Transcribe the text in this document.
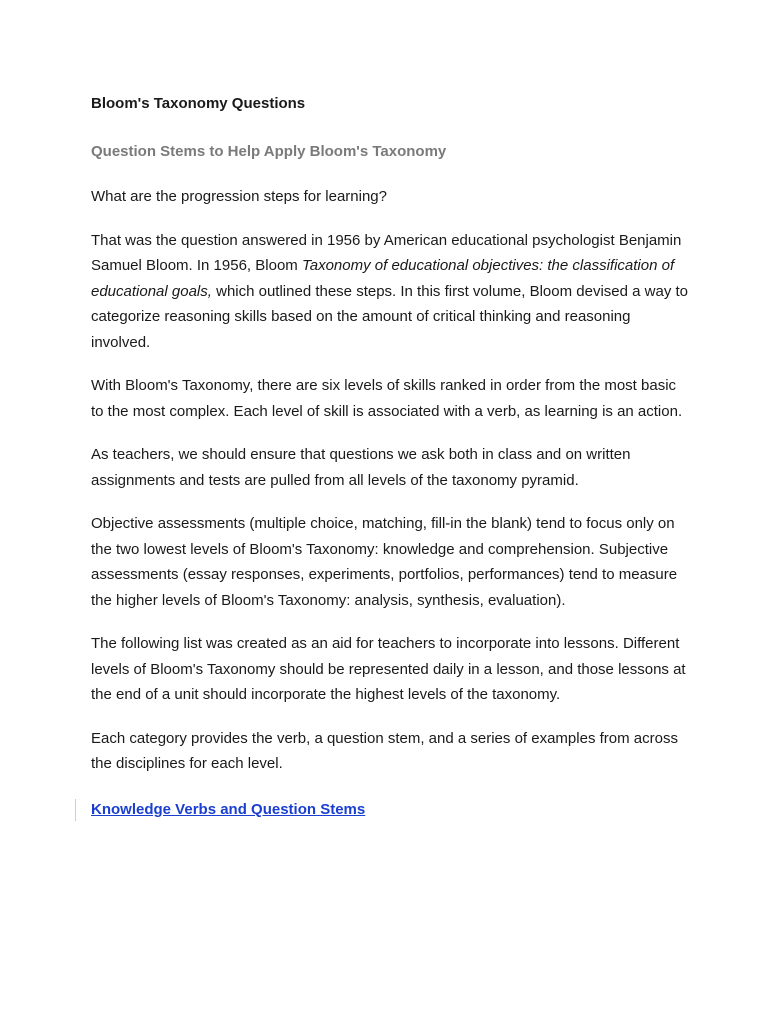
Bloom's Taxonomy Questions
Question Stems to Help Apply Bloom's Taxonomy

What are the progression steps for learning?

That was the question answered in 1956 by American educational psychologist Benjamin Samuel Bloom. In 1956, Bloom Taxonomy of educational objectives: the classification of educational goals, which outlined these steps. In this first volume, Bloom devised a way to categorize reasoning skills based on the amount of critical thinking and reasoning involved.

With Bloom's Taxonomy, there are six levels of skills ranked in order from the most basic to the most complex. Each level of skill is associated with a verb, as learning is an action.

As teachers, we should ensure that questions we ask both in class and on written assignments and tests are pulled from all levels of the taxonomy pyramid.

Objective assessments (multiple choice, matching, fill-in the blank) tend to focus only on the two lowest levels of Bloom's Taxonomy: knowledge and comprehension. Subjective assessments (essay responses, experiments, portfolios, performances) tend to measure the higher levels of Bloom's Taxonomy: analysis, synthesis, evaluation).

The following list was created as an aid for teachers to incorporate into lessons. Different levels of Bloom's Taxonomy should be represented daily in a lesson, and those lessons at the end of a unit should incorporate the highest levels of the taxonomy.

Each category provides the verb, a question stem, and a series of examples from across the disciplines for each level.

Knowledge Verbs and Question Stems
